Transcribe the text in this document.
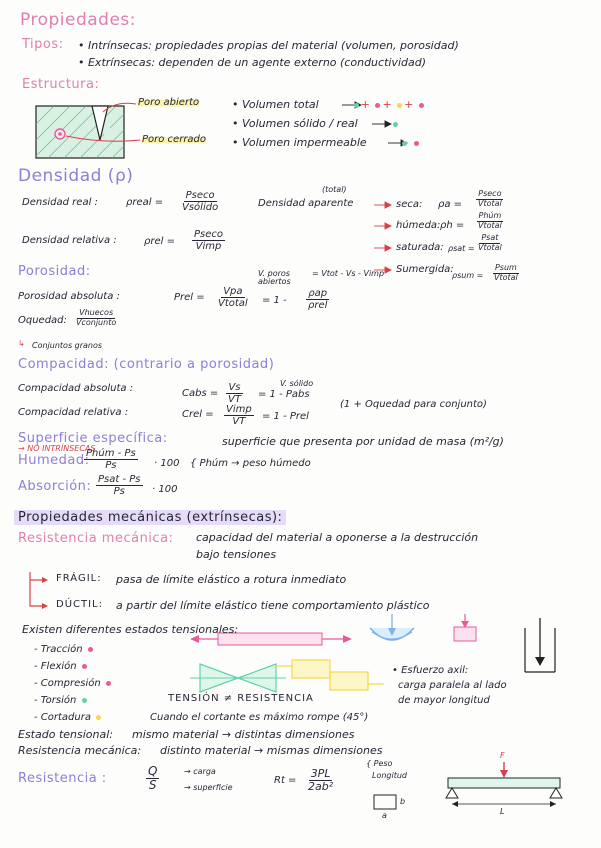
Propiedades:
Tipos: • Intrínsecas: propiedades propias del material (volumen, porosidad)
• Extrínsecas: dependen de un agente externo (conductividad)
Estructura:
Poro abierto
Poro cerrado
• Volumen total	+ + +
• Volumen sólido / real
• Volumen impermeable
Densidad (ρ)
Densidad real :	ρreal =
Pseco
Vsólido
(total)
Densidad aparente	seca: ρa =
Pseco
Vtotal
húmeda: ρh =
Phúm
Vtotal
saturada: ρsat =
Psat
Vtotal
Sumergida:
ρsum =
Psum
Vtotal
Densidad relativa :	ρrel =
Pseco
Vimp
Porosidad:	V. poros abiertos
= Vtot - Vs - Vimp
Porosidad absoluta :	Prel =
Vpa
Vtotal = 1 -
ρap
ρrel
Oquedad:
Vhuecos
Vconjunto
↳ Conjuntos granos
Compacidad: (contrario a porosidad)
V. sólido
Compacidad absoluta :	Cabs = $\frac{Vs}{VT} = 1$ - Pabs
Compacidad relativa :	Crel = Vimp
VT = 1 - Prel
(1 + Oquedad para conjunto)
Superficie específica:	superficie que presenta por unidad de masa (m²/g)
→ NO INTRÍNSECAS
Humedad:
Phúm - Ps
Ps	· 100 { Phúm → peso húmedo
Absorción: Psat - Ps
Ps	· 100
Propiedades mecánicas (extrínsecas):
Resistencia mecánica: capacidad del material a oponerse a la destrucción
bajo tensiones
FRÁGIL: pasa de límite elástico a rotura inmediato
DÚCTIL: a partir del límite elástico tiene comportamiento plástico
Existen diferentes estados tensionales:
- Tracción
- Flexión
- Compresión
- Torsión
- Cortadura
TENSIÓN ≠ RESISTENCIA
Cuando el cortante es máximo rompe (45°)
• Esfuerzo axil:
carga paralela al lado
de mayor longitud
Estado tensional: mismo material → distintas dimensiones
Resistencia mecánica: distinto material → mismas dimensiones
Resistencia :	$\frac{Q}{S}$	→ carga
→ superficie
$Rt = \frac{3PL}{\text{2ab²}}$
{ Peso
Longitud
a
b
F
L
